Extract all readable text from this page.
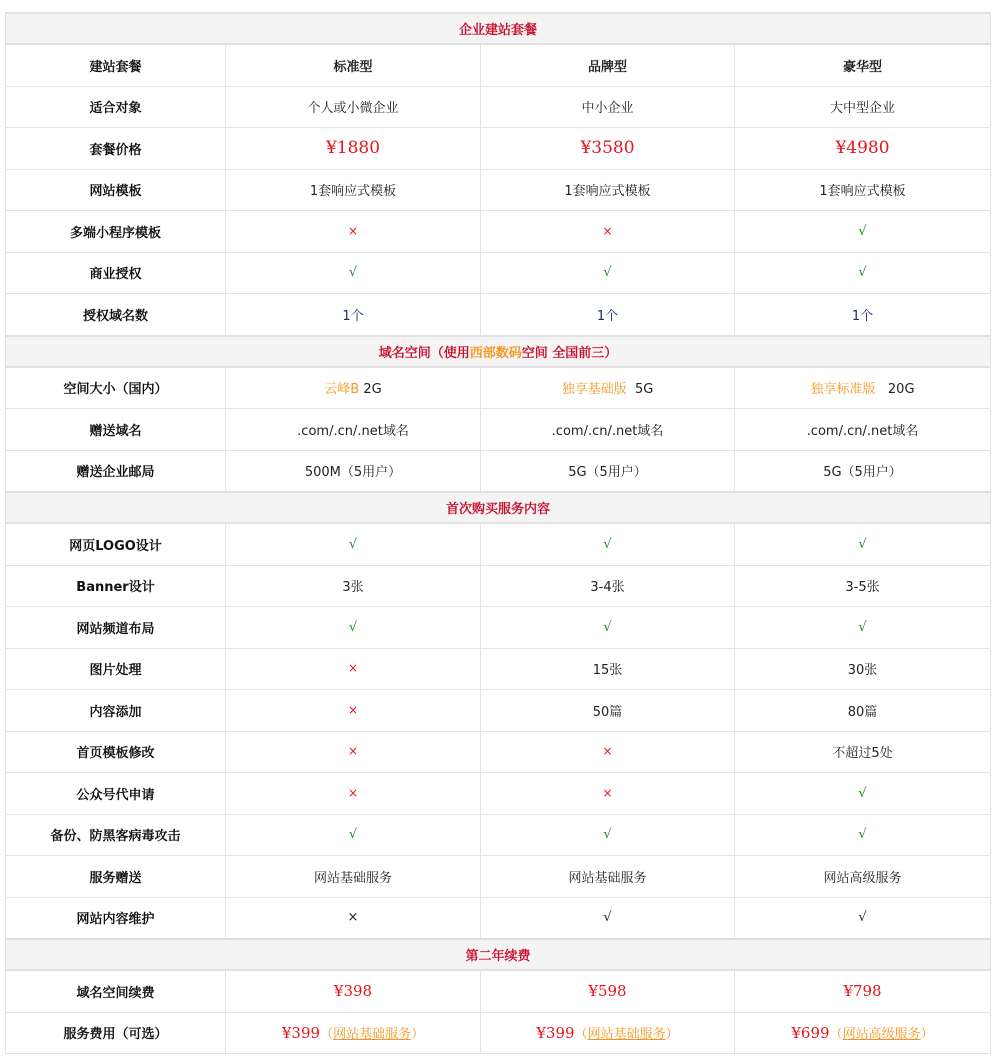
企业建站套餐			
建站套餐	标准型	品牌型	豪华型
适合对象	个人或小微企业	中小企业	大中型企业
套餐价格	¥1880	¥3580	¥4980
网站模板	1套响应式模板	1套响应式模板	1套响应式模板
多端小程序模板	×	×	√
商业授权	√	√	√
授权域名数	1个	1个	1个
域名空间（使用西部数码空间 全国前三）			
空间大小（国内）	云峰B 2G	独享基础版  5G	独享标准版   20G
赠送域名	.com/.cn/.net域名	.com/.cn/.net域名	.com/.cn/.net域名
赠送企业邮局	500M（5用户）	5G（5用户）	5G（5用户）
首次购买服务内容			
网页LOGO设计	√	√	√
Banner设计	3张	3-4张	3-5张
网站频道布局	√	√	√
图片处理	×	15张	30张
内容添加	×	50篇	80篇
首页模板修改	×	×	不超过5处
公众号代申请	×	×	√
备份、防黑客病毒攻击	√	√	√
服务赠送	网站基础服务	网站基础服务	网站高级服务
网站内容维护	×	√	√
第二年续费			
域名空间续费	¥398	¥598	¥798
服务费用（可选）	¥399（网站基础服务）	¥399（网站基础服务）	¥699（网站高级服务）
